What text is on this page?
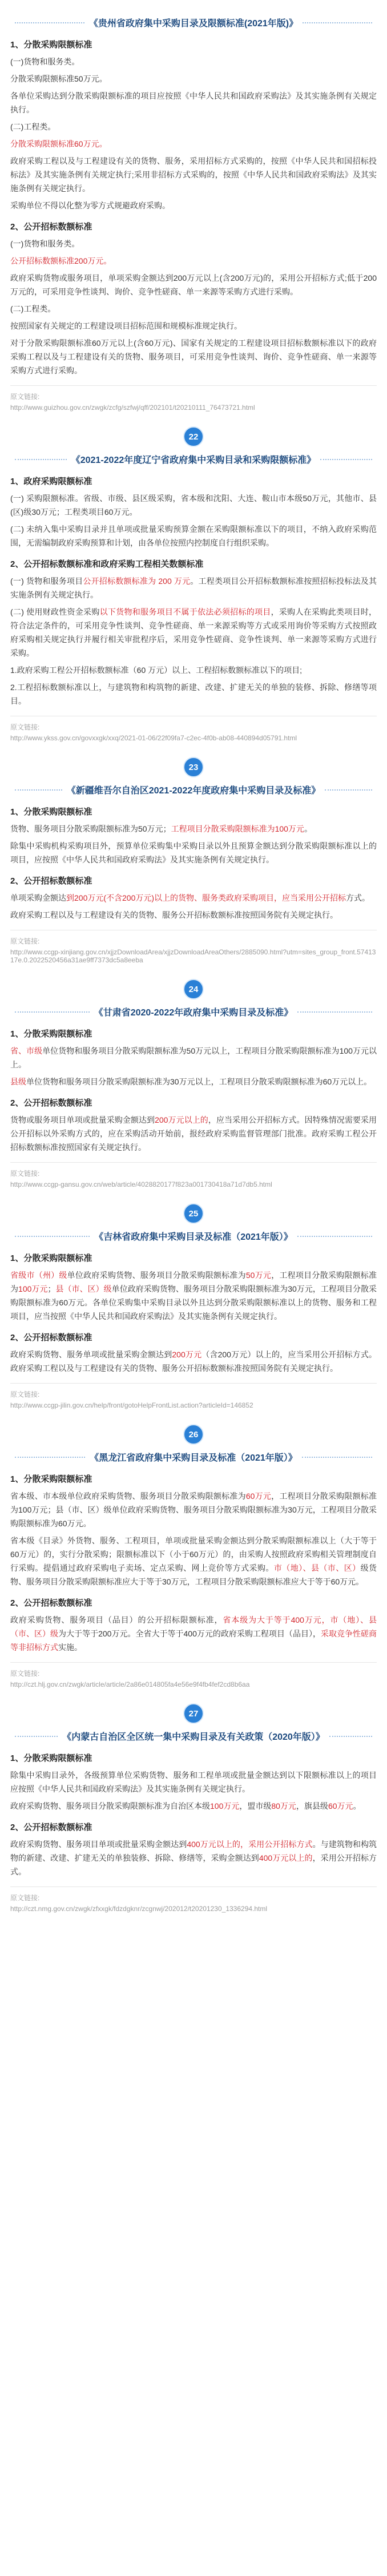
《贵州省政府集中采购目录及限额标准(2021年版)》
1、分散采购限额标准
(一)货物和服务类。
分散采购限额标准50万元。
各单位采购达到分散采购限额标准的项目应按照《中华人民共和国政府采购法》及其实施条例有关规定执行。
(二)工程类。
分散采购限额标准60万元。
政府采购工程以及与工程建设有关的货物、服务，采用招标方式采购的，按照《中华人民共和国招标投标法》及其实施条例有关规定执行;采用非招标方式采购的，按照《中华人民共和国政府采购法》及其实施条例有关规定执行。
采购单位不得以化整为零方式规避政府采购。
2、公开招标数额标准
(一)货物和服务类。
公开招标数额标准200万元。
政府采购货物或服务项目，单项采购金额达到200万元以上(含200万元)的，采用公开招标方式;低于200万元的，可采用竞争性谈判、询价、竞争性磋商、单一来源等采购方式进行采购。
(二)工程类。
按照国家有关规定的工程建设项目招标范围和规模标准规定执行。
对于分散采购限额标准60万元以上(含60万元)、国家有关规定的工程建设项目招标数额标准以下的政府采购工程以及与工程建设有关的货物、服务项目，可采用竞争性谈判、询价、竞争性磋商、单一来源等采购方式进行采购。
原文链接:
http://www.guizhou.gov.cn/zwgk/zcfg/szfwj/qff/202101/t20210111_76473721.html
22
《2021-2022年度辽宁省政府集中采购目录和采购限额标准》
1、政府采购限额标准
(一) 采购限额标准。省级、市级、县区级采购，省本级和沈阳、大连、鞍山市本级50万元，其他市、县(区)级30万元；工程类项目60万元。
(二) 未纳入集中采购目录并且单项或批量采购预算金额在采购限额标准以下的项目，不纳入政府采购范围，无需编制政府采购预算和计划，由各单位按照内控制度自行组织采购。
2、公开招标数额标准和政府采购工程相关数额标准
(一) 货物和服务项目公开招标数额标准为 200 万元。工程类项目公开招标数额标准按照招标投标法及其实施条例有关规定执行。
(二) 使用财政性资金采购以下货物和服务项目不属于依法必须招标的项目，采购人在采购此类项目时，符合法定条件的，可采用竞争性谈判、竞争性磋商、单一来源采购等方式或采用询价等采购方式按照政府采购相关规定执行并履行相关审批程序后，采用竞争性磋商、竞争性谈判、单一来源等采购方式进行采购。
1.政府采购工程公开招标数额标准（60 万元）以上、工程招标数额标准以下的项目;
2.工程招标数额标准以上，与建筑物和构筑物的新建、改建、扩建无关的单独的装修、拆除、修缮等项目。
原文链接:
http://www.ykss.gov.cn/govxxgk/xxq/2021-01-06/22f09fa7-c2ec-4f0b-ab08-440894d05791.html
23
《新疆维吾尔自治区2021-2022年度政府集中采购目录及标准》
1、分散采购限额标准
货物、服务项目分散采购限额标准为50万元；工程项目分散采购限额标准为100万元。
除集中采购机构采购项目外，预算单位采购集中采购目录以外且预算金额达到分散采购限额标准以上的项目，应按照《中华人民共和国政府采购法》及其实施条例有关规定执行。
2、公开招标数额标准
单项采购金额达到200万元(不含200万元)以上的货物、服务类政府采购项目，应当采用公开招标方式。
政府采购工程以及与工程建设有关的货物、服务公开招标数额标准按照国务院有关规定执行。
原文链接:
http://www.ccgp-xinjiang.gov.cn/xjjzDownloadArea/xjjzDownloadAreaOthers/2885090.html?utm=sites_group_front.5741317e.0.2022520456a31ae9ff7373dc5a8eeba
24
《甘肃省2020-2022年政府集中采购目录及标准》
1、分散采购限额标准
省、市级单位货物和服务项目分散采购限额标准为50万元以上，工程项目分散采购限额标准为100万元以上。
县级单位货物和服务项目分散采购限额标准为30万元以上，工程项目分散采购限额标准为60万元以上。
2、公开招标数额标准
货物或服务项目单项或批量采购金额达到200万元以上的，应当采用公开招标方式。因特殊情况需要采用公开招标以外采购方式的，应在采购活动开始前，报经政府采购监督管理部门批准。政府采购工程公开招标数额标准按照国家有关规定执行。
原文链接:
http://www.ccgp-gansu.gov.cn/web/article/4028820177f823a001730418a71d7db5.html
25
《吉林省政府集中采购目录及标准（2021年版）》
1、分散采购限额标准
省级市（州）级单位政府采购货物、服务项目分散采购限额标准为50万元，工程项目分散采购限额标准为100万元；县（市、区）级单位政府采购货物、服务项目分散采购限额标准为30万元，工程项目分散采购限额标准为60万元。各单位采购集中采购目录以外且达到分散采购限额标准以上的货物、服务和工程项目，应当按照《中华人民共和国政府采购法》及其实施条例有关规定执行。
2、公开招标数额标准
政府采购货物、服务单项或批量采购金额达到200万元（含200万元）以上的，应当采用公开招标方式。政府采购工程以及与工程建设有关的货物、服务公开招标数额标准按照国务院有关规定执行。
原文链接:
http://www.ccgp-jilin.gov.cn/help/front/gotoHelpFrontList.action?articleId=146852
26
《黑龙江省政府集中采购目录及标准（2021年版）》
1、分散采购限额标准
省本级、市本级单位政府采购货物、服务项目分散采购限额标准为60万元，工程项目分散采购限额标准为100万元；县（市、区）级单位政府采购货物、服务项目分散采购限额标准为30万元，工程项目分散采购限额标准为60万元。
省本级《目录》外货物、服务、工程项目，单项或批量采购金额达到分散采购限额标准以上（大于等于60万元）的，实行分散采购；限额标准以下（小于60万元）的，由采购人按照政府采购相关管理制度自行采购。提倡通过政府采购电子卖场、定点采购、网上竞价等方式采购。市（地）、县（市、区）级货物、服务项目分散采购限额标准应大于等于30万元，工程项目分散采购限额标准应大于等于60万元。
2、公开招标数额标准
政府采购货物、服务项目（品目）的公开招标限额标准，省本级为大于等于400万元，市（地）、县（市、区）级为大于等于200万元。全省大于等于400万元的政府采购工程项目（品目），采取竞争性磋商等非招标方式实施。
原文链接:
http://czt.hlj.gov.cn/zwgk/article/article/2a86e014805fa4e56e9f4fb4fef2cd8b6aa
27
《内蒙古自治区全区统一集中采购目录及有关政策（2020年版）》
1、分散采购限额标准
除集中采购目录外，各级预算单位采购货物、服务和工程单项或批量金额达到以下限额标准以上的项目应按照《中华人民共和国政府采购法》及其实施条例有关规定执行。
政府采购货物、服务项目分散采购限额标准为自治区本级100万元，盟市级80万元，旗县级60万元。
2、公开招标数额标准
政府采购货物、服务项目单项或批量采购金额达到400万元以上的，采用公开招标方式。与建筑物和构筑物的新建、改建、扩建无关的单独装修、拆除、修缮等，采购金额达到400万元以上的，采用公开招标方式。
原文链接:
http://czt.nmg.gov.cn/zwgk/zfxxgk/fdzdgknr/zcgnwj/202012/t20201230_1336294.html
